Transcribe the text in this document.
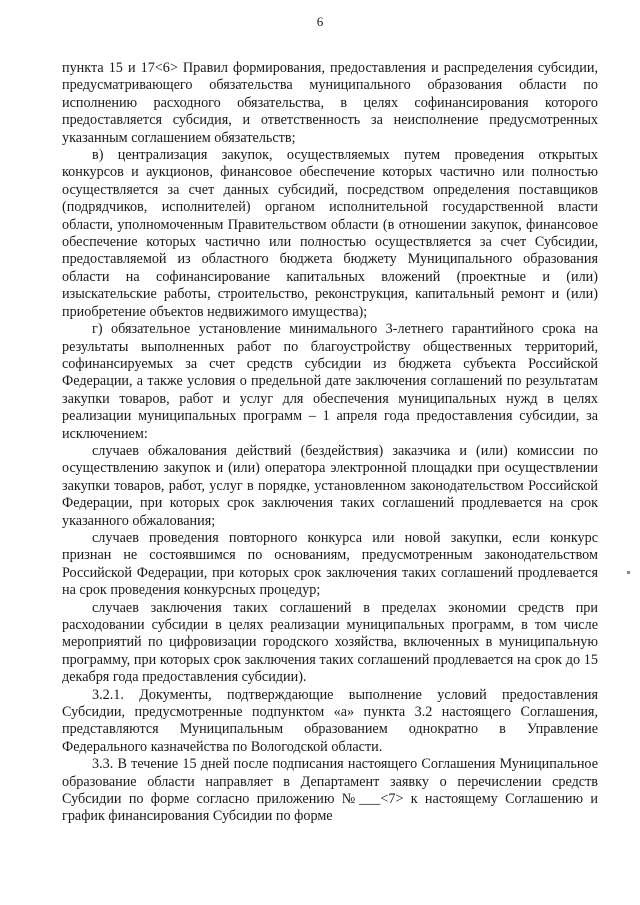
6

пункта 15 и 17<6> Правил формирования, предоставления и распределения субсидии, предусматривающего обязательства муниципального образования области по исполнению расходного обязательства, в целях софинансирования которого предоставляется субсидия, и ответственность за неисполнение предусмотренных указанным соглашением обязательств;

в) централизация закупок, осуществляемых путем проведения открытых конкурсов и аукционов, финансовое обеспечение которых частично или полностью осуществляется за счет данных субсидий, посредством определения поставщиков (подрядчиков, исполнителей) органом исполнительной государственной власти области, уполномоченным Правительством области (в отношении закупок, финансовое обеспечение которых частично или полностью осуществляется за счет Субсидии, предоставляемой из областного бюджета бюджету Муниципального образования области на софинансирование капитальных вложений (проектные и (или) изыскательские работы, строительство, реконструкция, капитальный ремонт и (или) приобретение объектов недвижимого имущества);

г) обязательное установление минимального 3-летнего гарантийного срока на результаты выполненных работ по благоустройству общественных территорий, софинансируемых за счет средств субсидии из бюджета субъекта Российской Федерации, а также условия о предельной дате заключения соглашений по результатам закупки товаров, работ и услуг для обеспечения муниципальных нужд в целях реализации муниципальных программ – 1 апреля года предоставления субсидии, за исключением:

случаев обжалования действий (бездействия) заказчика и (или) комиссии по осуществлению закупок и (или) оператора электронной площадки при осуществлении закупки товаров, работ, услуг в порядке, установленном законодательством Российской Федерации, при которых срок заключения таких соглашений продлевается на срок указанного обжалования;

случаев проведения повторного конкурса или новой закупки, если конкурс признан не состоявшимся по основаниям, предусмотренным законодательством Российской Федерации, при которых срок заключения таких соглашений продлевается на срок проведения конкурсных процедур;

случаев заключения таких соглашений в пределах экономии средств при расходовании субсидии в целях реализации муниципальных программ, в том числе мероприятий по цифровизации городского хозяйства, включенных в муниципальную программу, при которых срок заключения таких соглашений продлевается на срок до 15 декабря года предоставления субсидии).

3.2.1. Документы, подтверждающие выполнение условий предоставления Субсидии, предусмотренные подпунктом «а» пункта 3.2 настоящего Соглашения, представляются Муниципальным образованием однократно в Управление Федерального казначейства по Вологодской области.

3.3. В течение 15 дней после подписания настоящего Соглашения Муниципальное образование области направляет в Департамент заявку о перечислении средств Субсидии по форме согласно приложению №___<7> к настоящему Соглашению и график финансирования Субсидии по форме
